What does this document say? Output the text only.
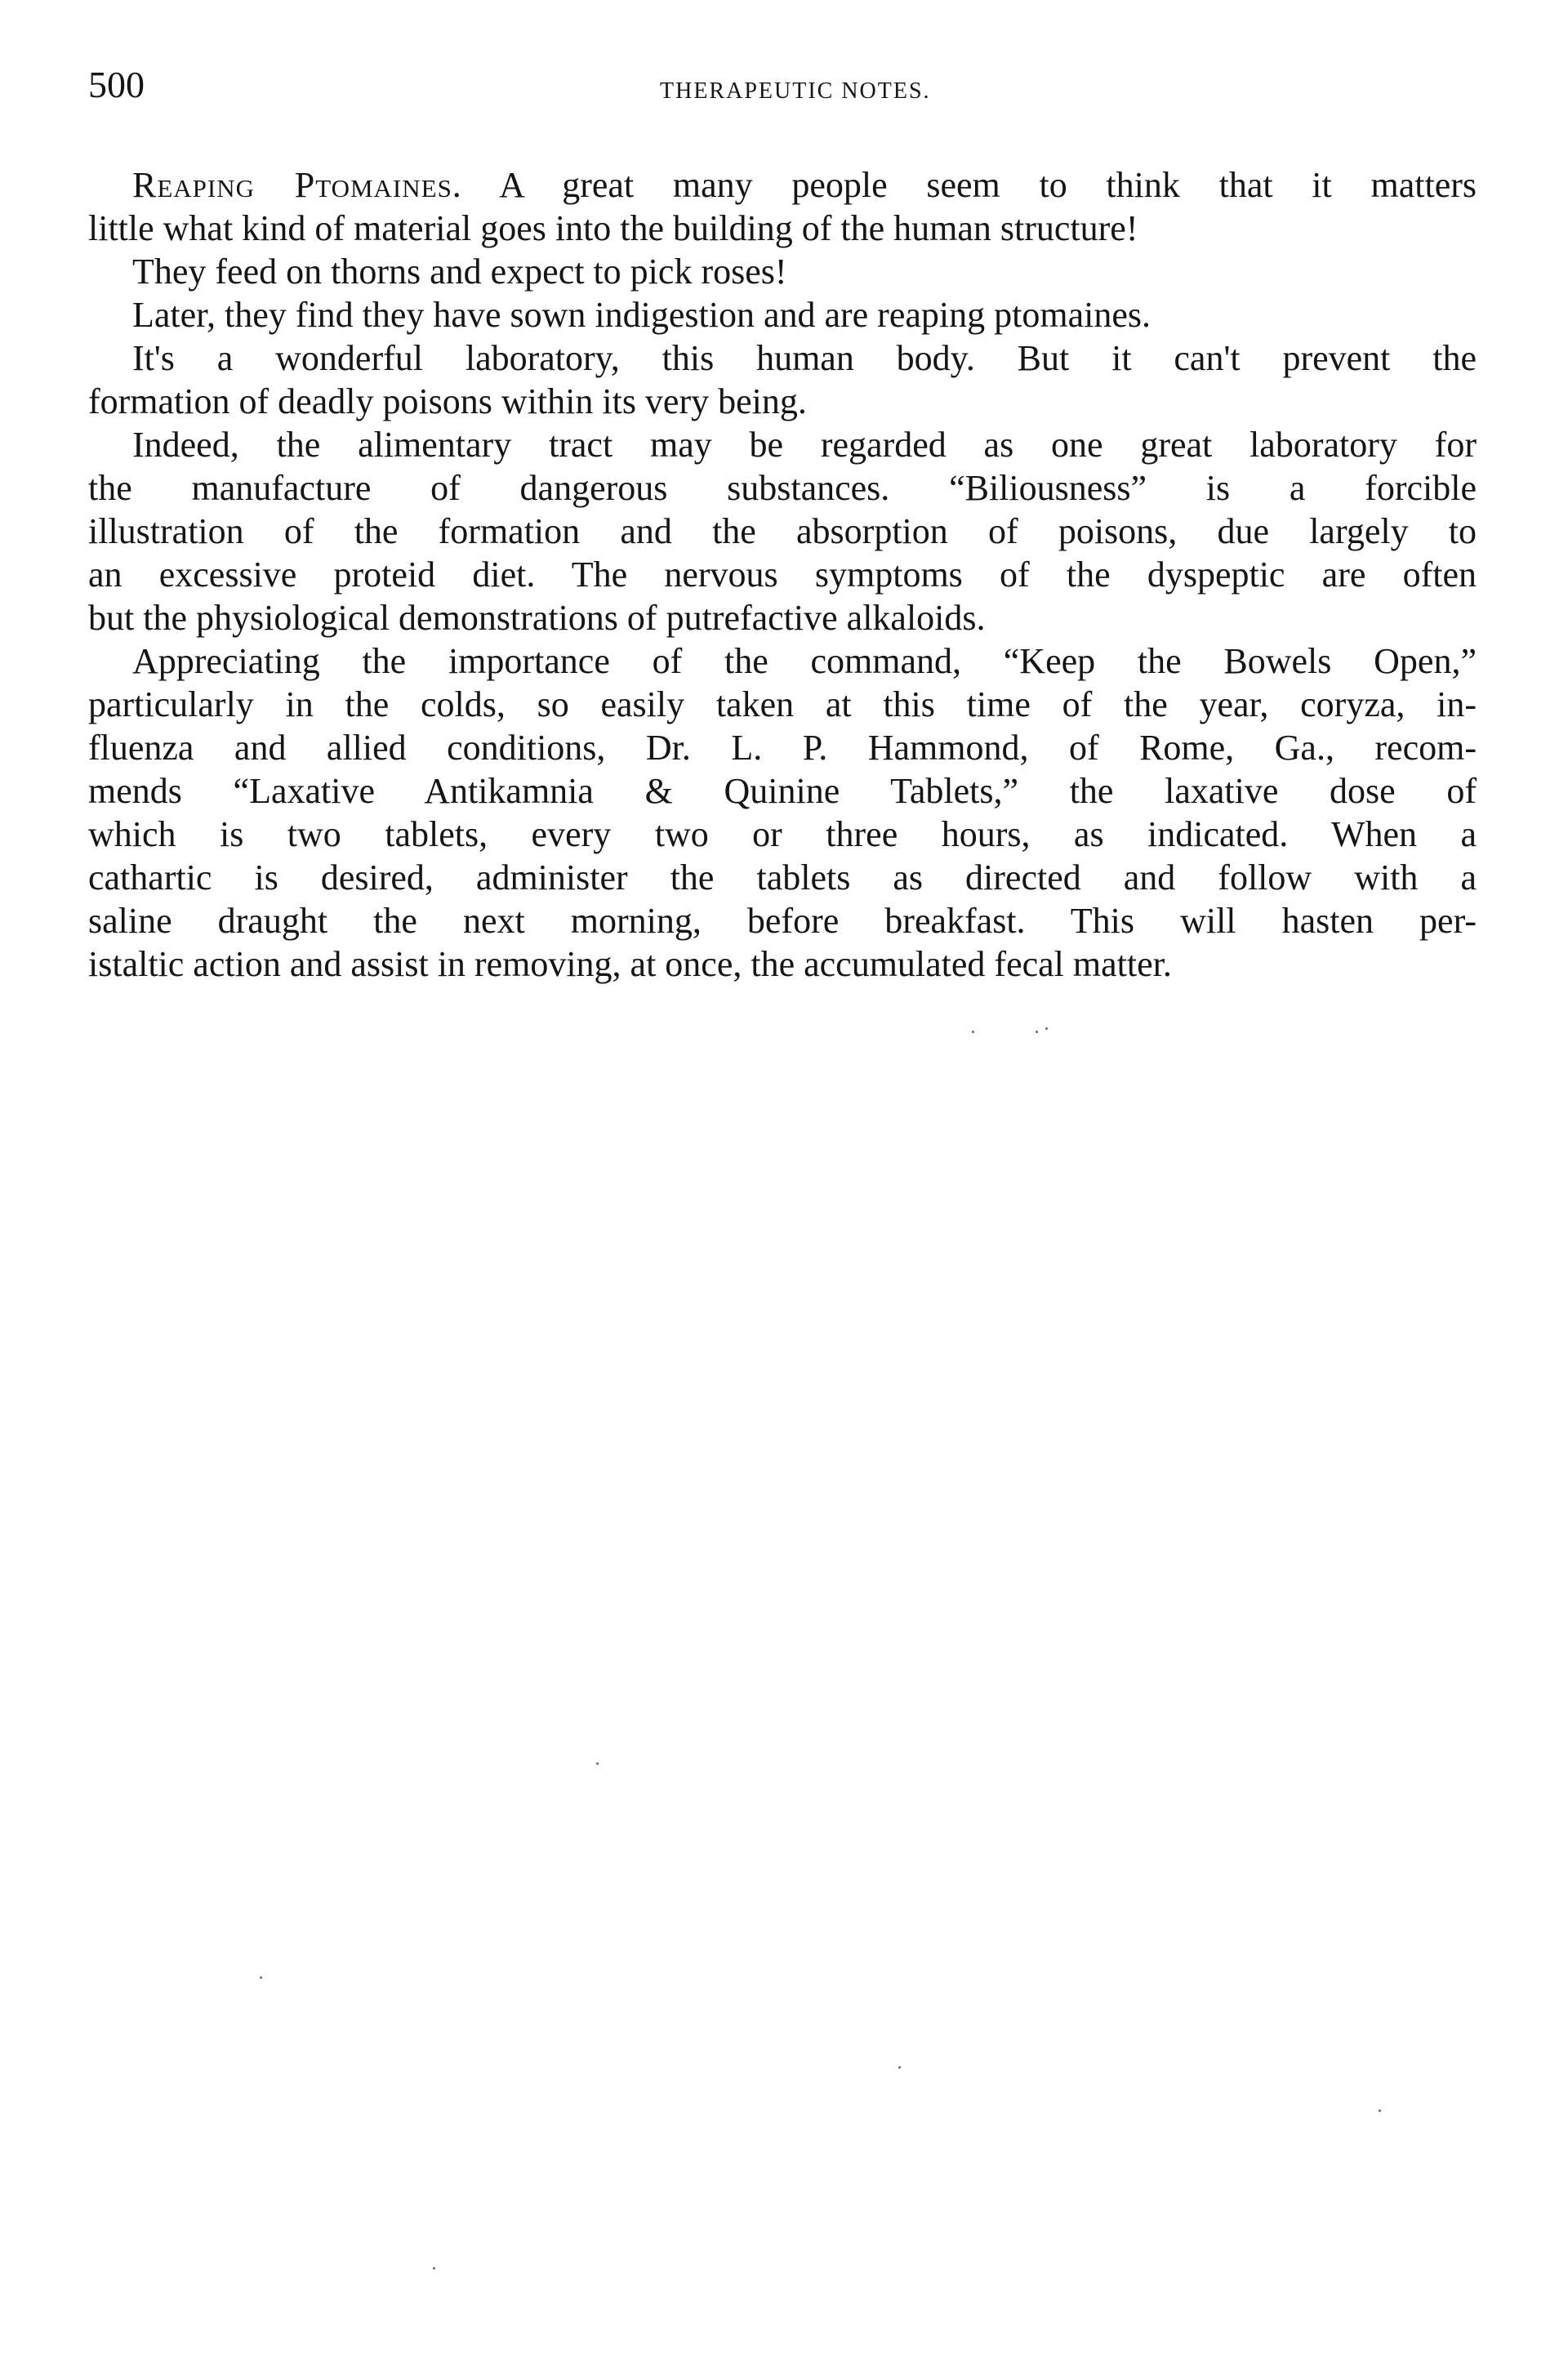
500	THERAPEUTIC NOTES.
Reaping Ptomaines. A great many people seem to think that it matters
little what kind of material goes into the building of the human structure!
They feed on thorns and expect to pick roses!
Later, they find they have sown indigestion and are reaping ptomaines.
It's a wonderful laboratory, this human body. But it can't prevent the
formation of deadly poisons within its very being.
Indeed, the alimentary tract may be regarded as one great laboratory for
the manufacture of dangerous substances. “Biliousness” is a forcible
illustration of the formation and the absorption of poisons, due largely to
an excessive proteid diet. The nervous symptoms of the dyspeptic are often
but the physiological demonstrations of putrefactive alkaloids.
Appreciating the importance of the command, “Keep the Bowels Open,”
particularly in the colds, so easily taken at this time of the year, coryza, in-
fluenza and allied conditions, Dr. L. P. Hammond, of Rome, Ga., recom-
mends “Laxative Antikamnia & Quinine Tablets,” the laxative dose of
which is two tablets, every two or three hours, as indicated. When a
cathartic is desired, administer the tablets as directed and follow with a
saline draught the next morning, before breakfast. This will hasten per-
istaltic action and assist in removing, at once, the accumulated fecal matter.
